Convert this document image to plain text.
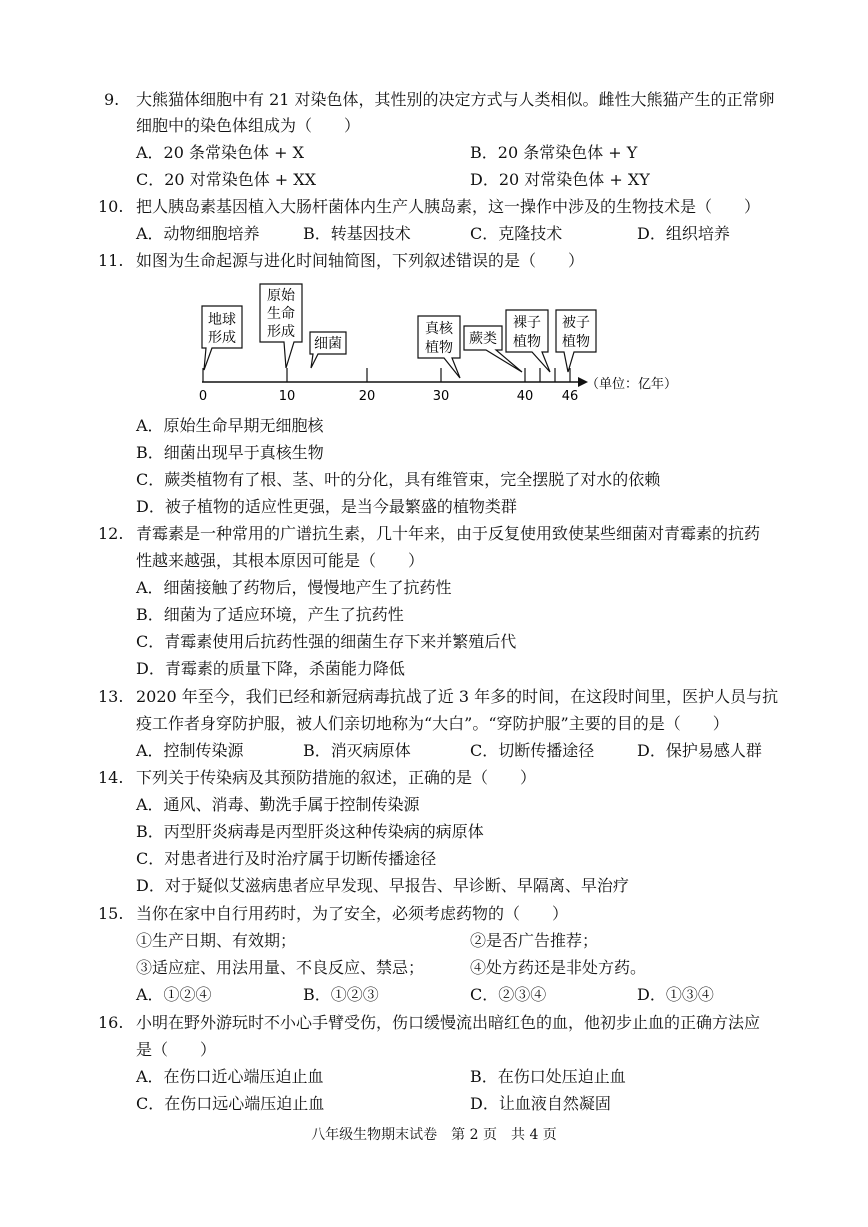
9. 大熊猫体细胞中有 21 对染色体，其性别的决定方式与人类相似。雌性大熊猫产生的正常卵
细胞中的染色体组成为（　　）
A．20 条常染色体 + X	B．20 条常染色体 + Y
C．20 对常染色体 + XX	D．20 对常染色体 + XY
10. 把人胰岛素基因植入大肠杆菌体内生产人胰岛素，这一操作中涉及的生物技术是（　　）
A．动物细胞培养	B．转基因技术	C．克隆技术	D．组织培养
11. 如图为生命起源与进化时间轴简图，下列叙述错误的是（　　）
0	10	20	30	40 46
（单位：亿年）
地球
形成
原始
生命
形成
细菌
真核
植物
蕨类
裸子
植物
被子
植物
A．原始生命早期无细胞核
B．细菌出现早于真核生物
C．蕨类植物有了根、茎、叶的分化，具有维管束，完全摆脱了对水的依赖
D．被子植物的适应性更强，是当今最繁盛的植物类群
12. 青霉素是一种常用的广谱抗生素，几十年来，由于反复使用致使某些细菌对青霉素的抗药
性越来越强，其根本原因可能是（　　）
A．细菌接触了药物后，慢慢地产生了抗药性
B．细菌为了适应环境，产生了抗药性
C．青霉素使用后抗药性强的细菌生存下来并繁殖后代
D．青霉素的质量下降，杀菌能力降低
13. 2020 年至今，我们已经和新冠病毒抗战了近 3 年多的时间，在这段时间里，医护人员与抗
疫工作者身穿防护服，被人们亲切地称为“大白”。“穿防护服”主要的目的是（　　）
A．控制传染源	B．消灭病原体	C．切断传播途径	D．保护易感人群
14. 下列关于传染病及其预防措施的叙述，正确的是（　　）
A．通风、消毒、勤洗手属于控制传染源
B．丙型肝炎病毒是丙型肝炎这种传染病的病原体
C．对患者进行及时治疗属于切断传播途径
D．对于疑似艾滋病患者应早发现、早报告、早诊断、早隔离、早治疗
15. 当你在家中自行用药时，为了安全，必须考虑药物的（　　）
①生产日期、有效期；	②是否广告推荐；
③适应症、用法用量、不良反应、禁忌；	④处方药还是非处方药。
A．①②④	B．①②③	C．②③④	D．①③④
16. 小明在野外游玩时不小心手臂受伤，伤口缓慢流出暗红色的血，他初步止血的正确方法应
是（　　）
A．在伤口近心端压迫止血	B．在伤口处压迫止血
C．在伤口远心端压迫止血	D．让血液自然凝固
八年级生物期末试卷　第 2 页　共 4 页
